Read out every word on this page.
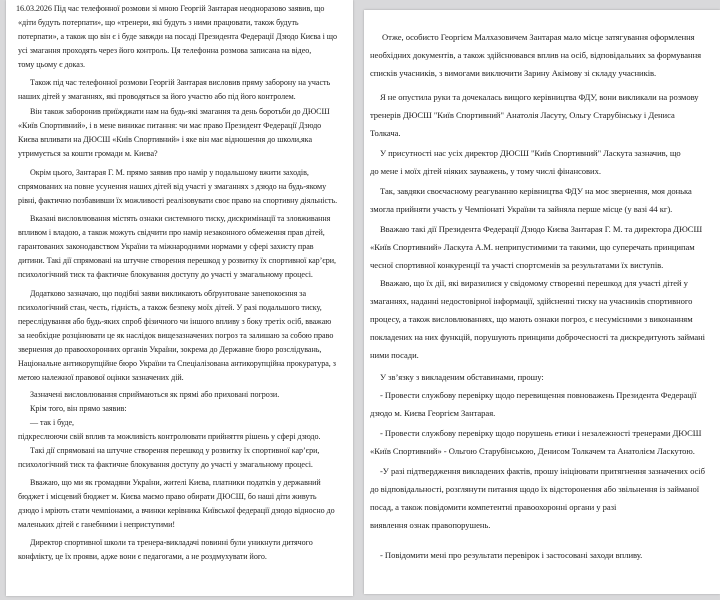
16.03.2026 Під час телефонної розмови зі мною Георгій Зантарая неодноразово заявив, що
«діти будуть потерпати», що «тренери, які будуть з ними працювати, також будуть
потерпати», а також що він є і буде завжди на посаді Президента Федерації Дзюдо Києва і що
усі змагання проходять через його контроль. Ця телефонна розмова записана на відео,
тому цьому є доказ.
Також під час телефонної розмови Георгій Зантарая висловив пряму заборону на участь
наших дітей у змаганнях, які проводяться за його участю або під його контролем.
Він також заборонив приїжджати нам на будь-які змагання та день боротьби до ДЮСШ
«Київ Спортивний», і в мене виникає питання: чи має право Президент Федерації Дзюдо
Києва впливати на ДЮСШ «Київ Спортивний» і яке він має відношення до школи,яка
утримується за кошти громади м. Києва?
Окрім цього, Зантарая Г. М. прямо заявив про намір у подальшому вжити заходів,
спрямованих на повне усунення наших дітей від участі у змаганнях з дзюдо на будь-якому
рівні, фактично позбавивши їх можливості реалізовувати своє право на спортивну діяльність.
Вказані висловлювання містять ознаки системного тиску, дискримінації та зловживання
впливом і владою, а також можуть свідчити про намір незаконного обмеження прав дітей,
гарантованих законодавством України та міжнародними нормами у сфері захисту прав
дитини. Такі дії спрямовані на штучне створення перешкод у розвитку їх спортивної кар’єри,
психологічний тиск та фактичне блокування доступу до участі у змагальному процесі.
Додатково зазначаю, що подібні заяви викликають обґрунтоване занепокоєння за
психологічний стан, честь, гідність, а також безпеку моїх дітей. У разі подальшого тиску,
переслідування або будь-яких спроб фізичного чи іншого впливу з боку третіх осіб, вважаю
за необхідне розцінювати це як наслідок вищезазначених погроз та залишаю за собою право
звернення до правоохоронних органів України, зокрема до Державне бюро розслідувань,
Національне антикорупційне бюро України та Спеціалізована антикорупційна прокуратура, з
метою належної правової оцінки зазначених дій.
Зазначені висловлювання сприймаються як прямі або приховані погрози.
Крім того, він прямо заявив:
— так і буде,
підкреслюючи свій вплив та можливість контролювати прийняття рішень у сфері дзюдо.
Такі дії спрямовані на штучне створення перешкод у розвитку їх спортивної кар’єри,
психологічний тиск та фактичне блокування доступу до участі у змагальному процесі.
Вважаю, що ми як громадяни України, жителі Києва, платники податків у державний
бюджет і місцевий бюджет м. Києва маємо право обирати ДЮСШ, бо наші діти живуть
дзюдо і мріють стати чемпіонами, а вчинки керівника Київської федерації дзюдо відносно до
маленьких дітей є ганебними і непристутими!
Директор спортивної школи та тренера-викладачі повинні були уникнути дитячого
конфлікту, це їх прояви, адже вони є педагогами, а не роздмухувати його.
Отже, особисто Георгієм Малхазовичем Зантарая мало місце затягування оформлення
необхідних документів, а також здійснювався вплив на осіб, відповідальних за формування
списків учасників, з вимогами виключити Зарину Акімову зі складу учасників.
Я не опустила руки та дочекалась вищого керівництва ФДУ, вони викликали на розмову
тренерів ДЮСШ "Київ Спортивний" Анатолія Ласуту, Ольгу Старубінську і Дениса
Толкача.
У присутності нас усіх директор ДЮСШ "Київ Спортивний" Ласкута зазначив, що
до мене і моїх дітей ніяких зауважень, у тому числі фінансових.
Так, завдяки своєчасному реагуванню керівництва ФДУ на моє звернення, моя донька
змогла прийняти участь у Чемпіонаті України та зайняла перше місце (у вазі 44 кг).
Вважаю такі дії Президента Федерації Дзюдо Києва Зантарая Г. М. та директора ДЮСШ
«Київ Спортивний» Ласкута А.М. неприпустимими та такими, що суперечать принципам
чесної спортивної конкуренції та участі спортсменів за результатами їх виступів.
Вважаю, що їх дії, які виразилися у свідомому створенні перешкод для участі дітей у
змаганнях, наданні недостовірної інформації, здійсненні тиску на учасників спортивного
процесу, а також висловлюваннях, що мають ознаки погроз, є несумісними з виконанням
покладених на них функцій, порушують принципи доброчесності та дискредитують займані
ними посади.
У зв’язку з викладеним обставинами, прошу:
- Провести службову перевірку щодо перевищення повноважень Президента Федерації
дзюдо м. Києва Георгієм Зантарая.
- Провести службову перевірку щодо порушень етики і незалежності тренерами ДЮСШ
«Київ Спортивний» - Ольгою Старубінською, Денисом Толкачем та Анатолієм Ласкутою.
-У разі підтвердження викладених фактів, прошу ініціювати притягнення зазначених осіб
до відповідальності, розглянути питання щодо їх відсторонення або звільнення із займаної
посад, а також повідомити компетентні правоохоронні органи у разі
виявлення ознак правопорушень.
- Повідомити мені про результати перевірок і застосовані заходи впливу.
